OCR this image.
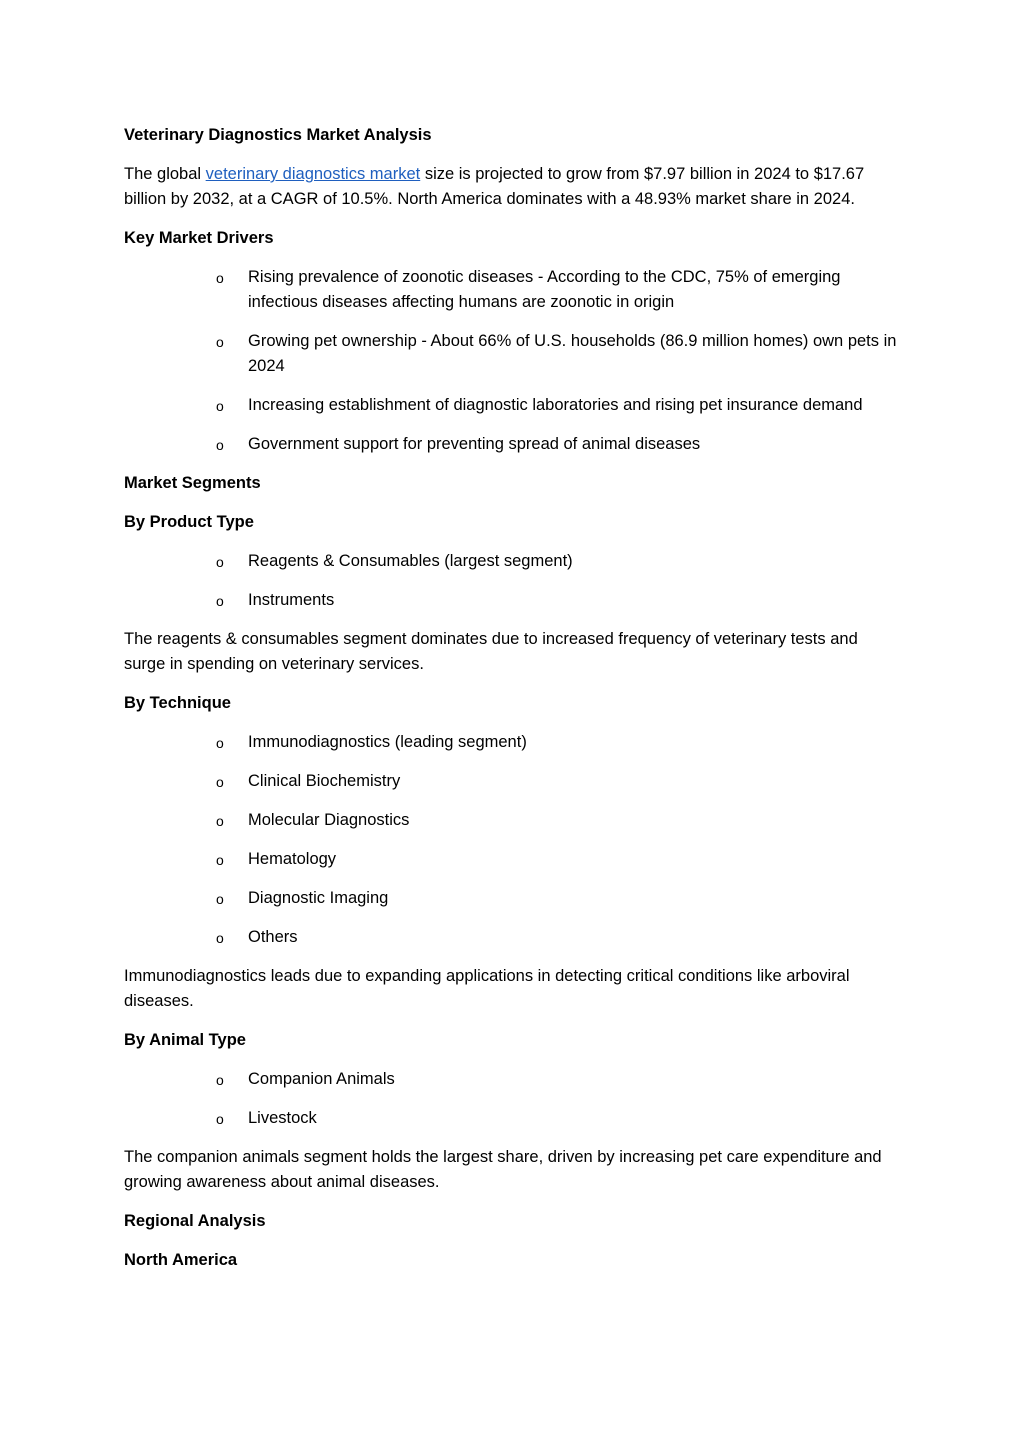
Veterinary Diagnostics Market Analysis
The global veterinary diagnostics market size is projected to grow from $7.97 billion in 2024 to $17.67 billion by 2032, at a CAGR of 10.5%. North America dominates with a 48.93% market share in 2024.
Key Market Drivers
o Rising prevalence of zoonotic diseases - According to the CDC, 75% of emerging infectious diseases affecting humans are zoonotic in origin
o Growing pet ownership - About 66% of U.S. households (86.9 million homes) own pets in 2024
o Increasing establishment of diagnostic laboratories and rising pet insurance demand
o Government support for preventing spread of animal diseases
Market Segments
By Product Type
o Reagents & Consumables (largest segment)
o Instruments
The reagents & consumables segment dominates due to increased frequency of veterinary tests and surge in spending on veterinary services.
By Technique
o Immunodiagnostics (leading segment)
o Clinical Biochemistry
o Molecular Diagnostics
o Hematology
o Diagnostic Imaging
o Others
Immunodiagnostics leads due to expanding applications in detecting critical conditions like arboviral diseases.
By Animal Type
o Companion Animals
o Livestock
The companion animals segment holds the largest share, driven by increasing pet care expenditure and growing awareness about animal diseases.
Regional Analysis
North America
